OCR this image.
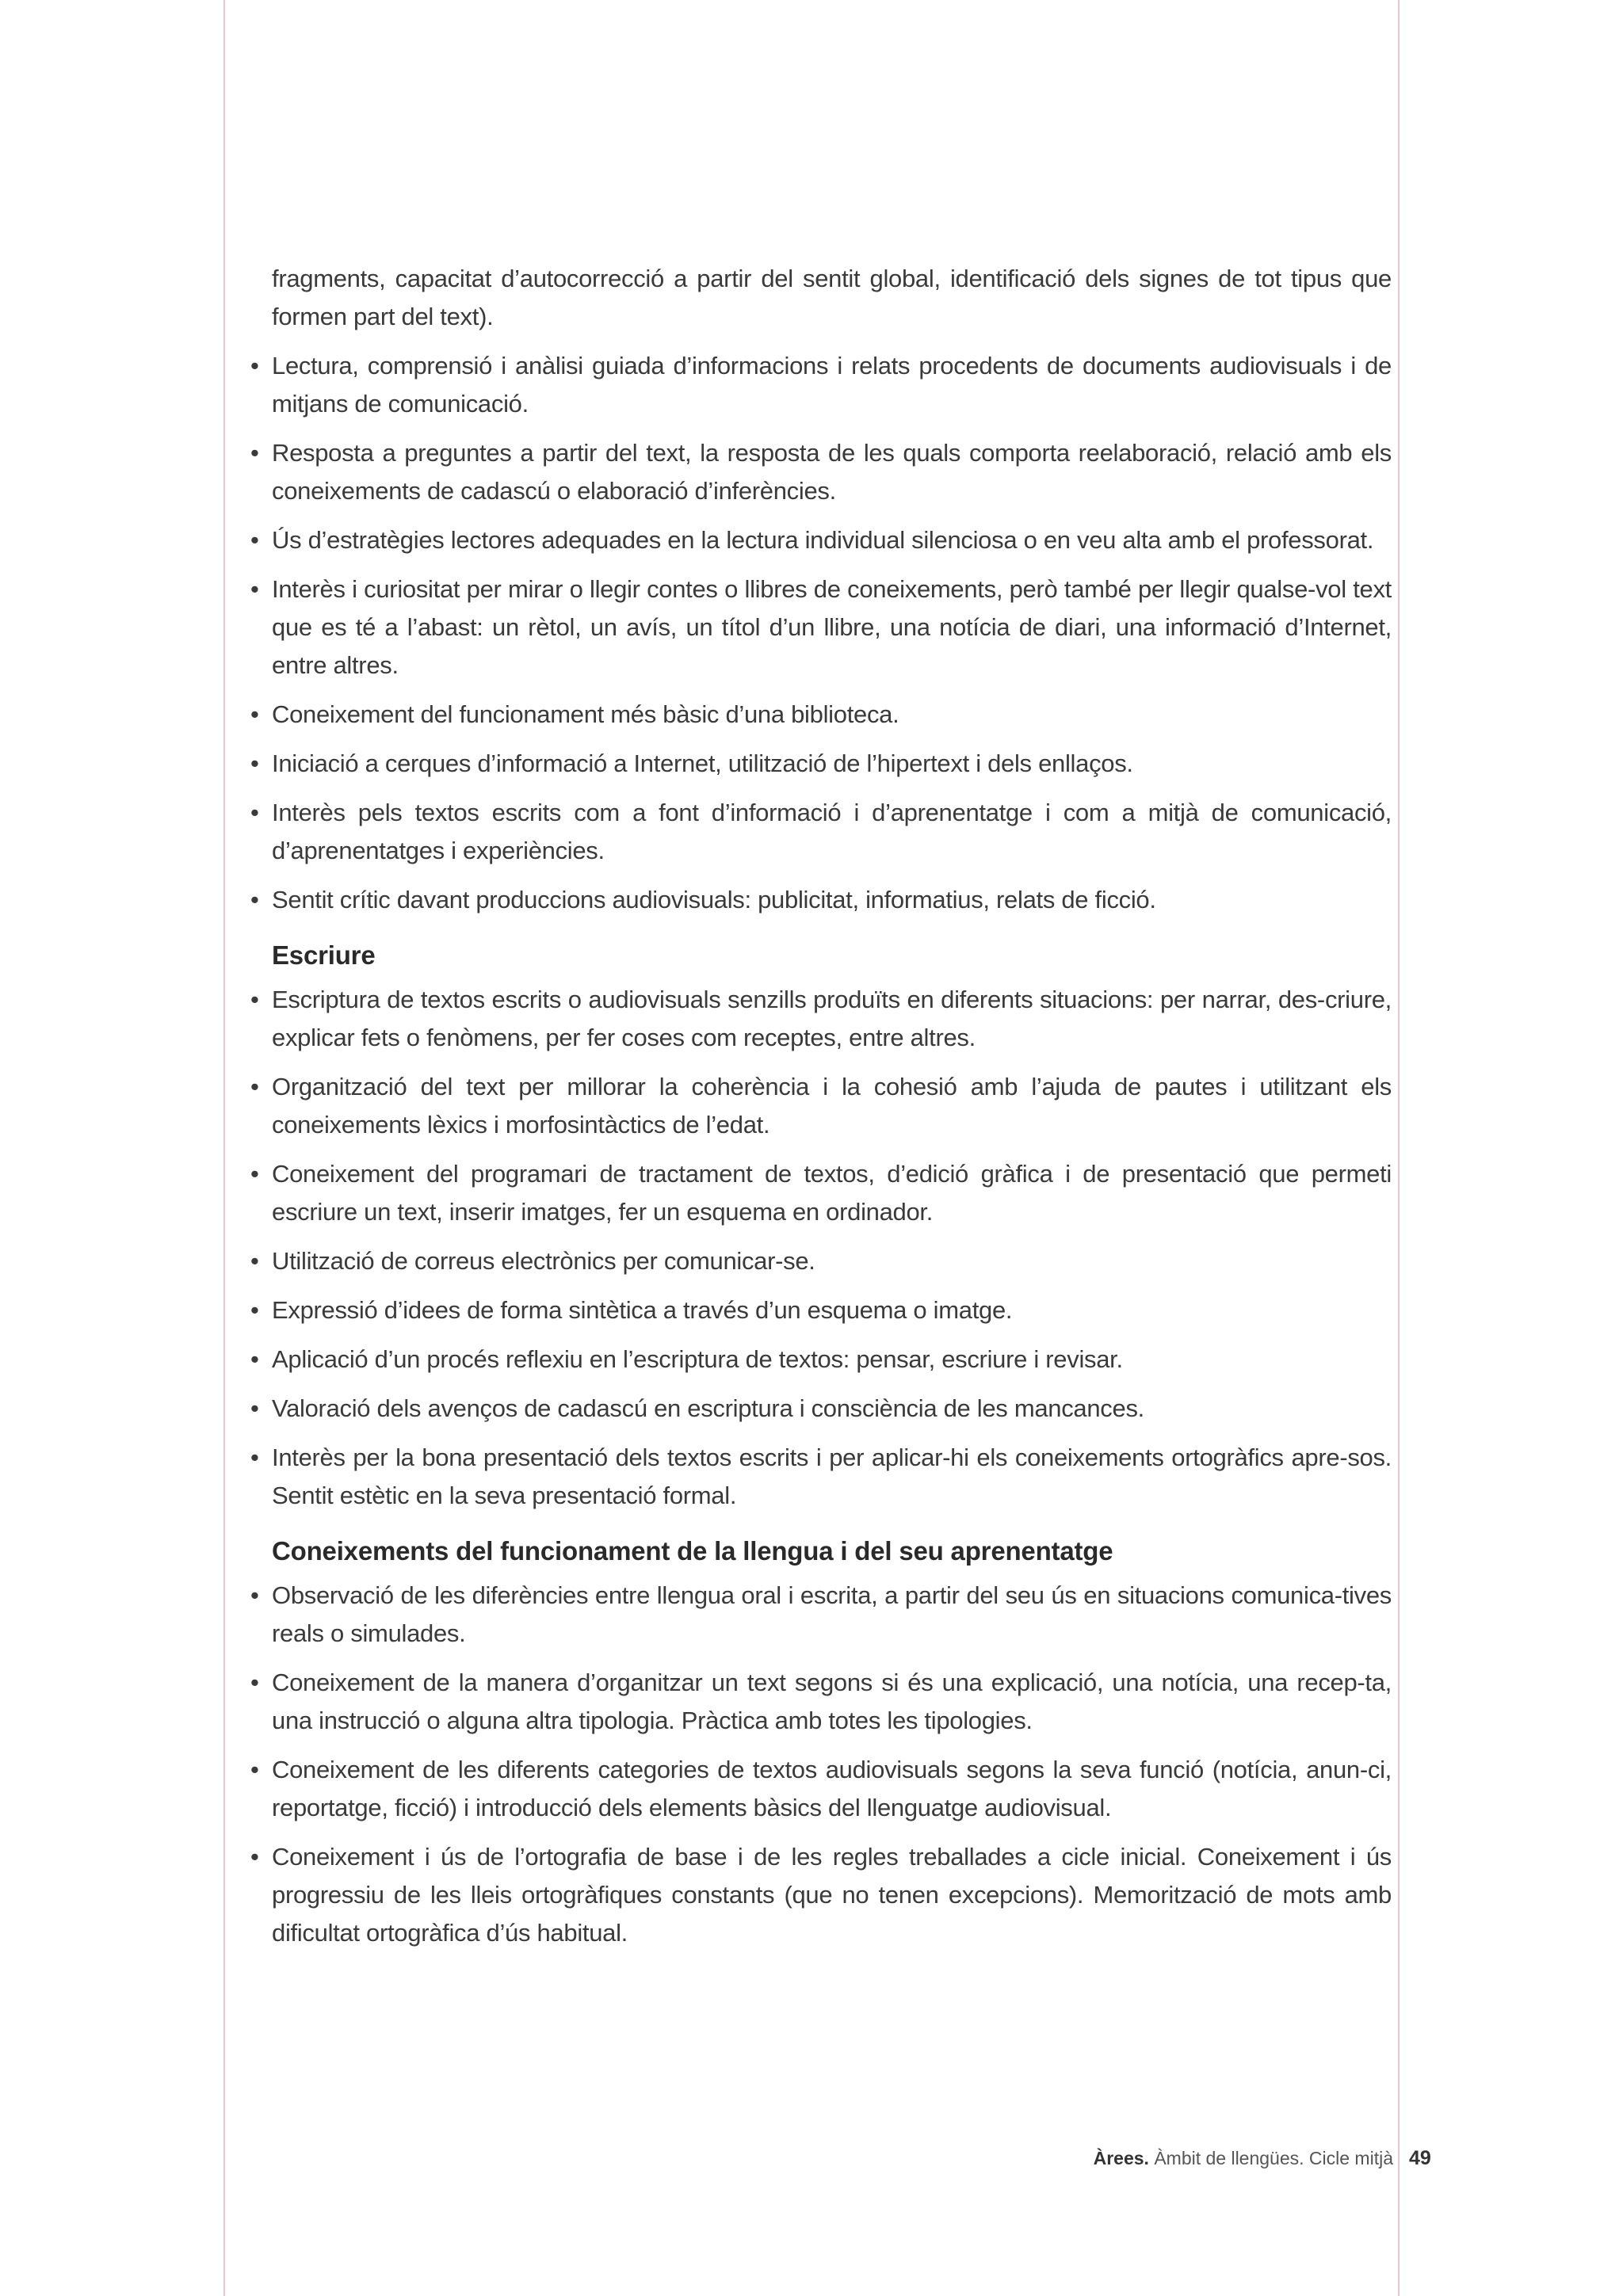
fragments, capacitat d’autocorrecció a partir del sentit global, identificació dels signes de tot tipus que formen part del text).

• Lectura, comprensió i anàlisi guiada d’informacions i relats procedents de documents audiovisuals i de mitjans de comunicació.
• Resposta a preguntes a partir del text, la resposta de les quals comporta reelaboració, relació amb els coneixements de cadascú o elaboració d’inferències.
• Ús d’estratègies lectores adequades en la lectura individual silenciosa o en veu alta amb el professorat.
• Interès i curiositat per mirar o llegir contes o llibres de coneixements, però també per llegir qualse-vol text que es té a l’abast: un rètol, un avís, un títol d’un llibre, una notícia de diari, una informació d’Internet, entre altres.
• Coneixement del funcionament més bàsic d’una biblioteca.
• Iniciació a cerques d’informació a Internet, utilització de l’hipertext i dels enllaços.
• Interès pels textos escrits com a font d’informació i d’aprenentatge i com a mitjà de comunicació, d’aprenentatges i experiències.
• Sentit crític davant produccions audiovisuals: publicitat, informatius, relats de ficció.
Escriure
• Escriptura de textos escrits o audiovisuals senzills produïts en diferents situacions: per narrar, des-criure, explicar fets o fenòmens, per fer coses com receptes, entre altres.
• Organització del text per millorar la coherència i la cohesió amb l’ajuda de pautes i utilitzant els coneixements lèxics i morfosintàctics de l’edat.
• Coneixement del programari de tractament de textos, d’edició gràfica i de presentació que permeti escriure un text, inserir imatges, fer un esquema en ordinador.
• Utilització de correus electrònics per comunicar-se.
• Expressió d’idees de forma sintètica a través d’un esquema o imatge.
• Aplicació d’un procés reflexiu en l’escriptura de textos: pensar, escriure i revisar.
• Valoració dels avenços de cadascú en escriptura i consciència de les mancances.
• Interès per la bona presentació dels textos escrits i per aplicar-hi els coneixements ortogràfics apre-sos. Sentit estètic en la seva presentació formal.
Coneixements del funcionament de la llengua i del seu aprenentatge
• Observació de les diferències entre llengua oral i escrita, a partir del seu ús en situacions comunica-tives reals o simulades.
• Coneixement de la manera d’organitzar un text segons si és una explicació, una notícia, una recep-ta, una instrucció o alguna altra tipologia. Pràctica amb totes les tipologies.
• Coneixement de les diferents categories de textos audiovisuals segons la seva funció (notícia, anun-ci, reportatge, ficció) i introducció dels elements bàsics del llenguatge audiovisual.
• Coneixement i ús de l’ortografia de base i de les regles treballades a cicle inicial. Coneixement i ús progressiu de les lleis ortogràfiques constants (que no tenen excepcions). Memorització de mots amb dificultat ortogràfica d’ús habitual.
Àrees. Àmbit de llengües. Cicle mitjà 49
